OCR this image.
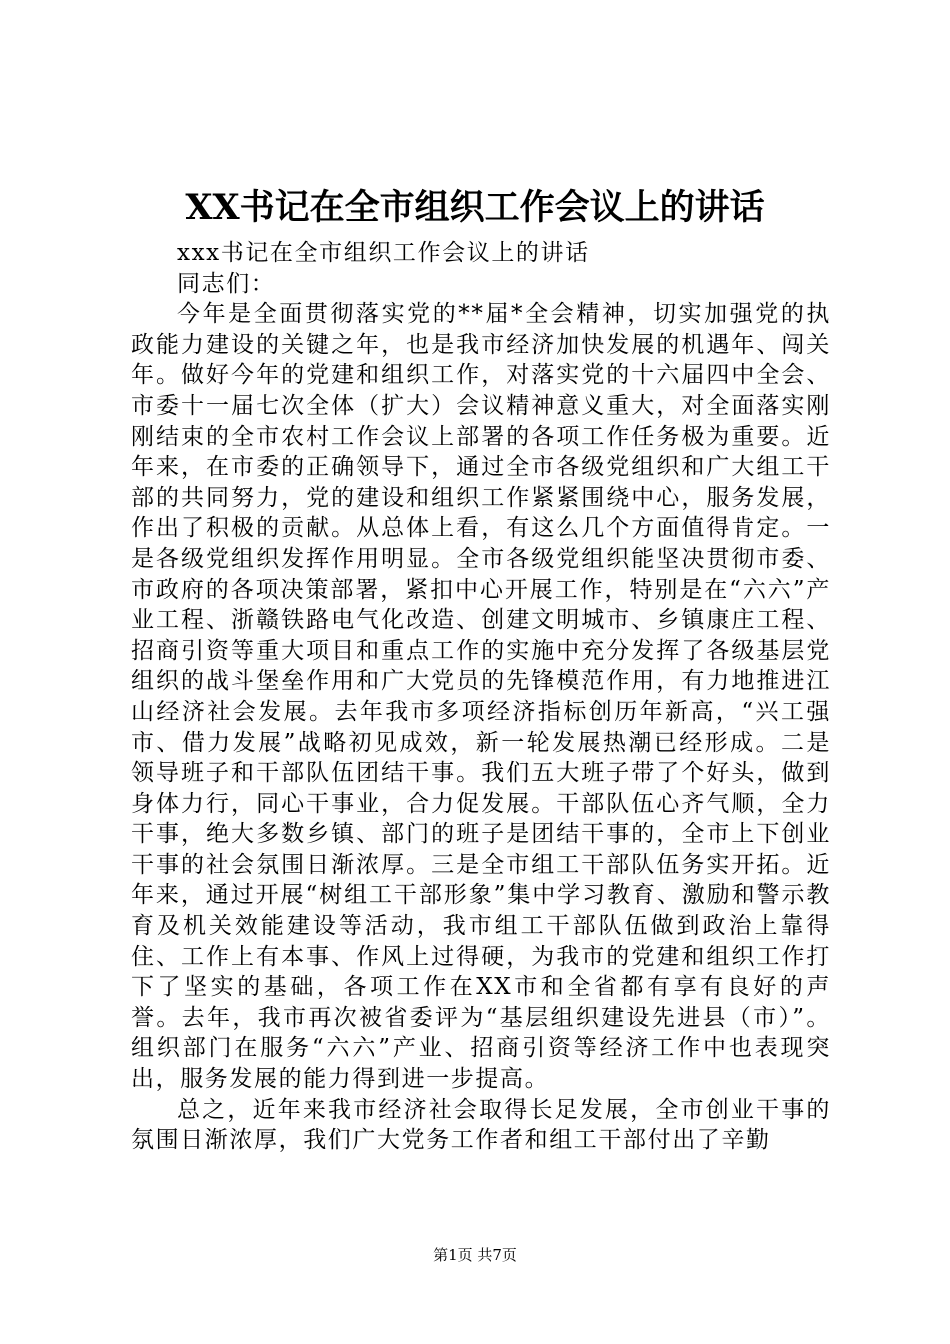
XX书记在全市组织工作会议上的讲话

xxx书记在全市组织工作会议上的讲话

同志们：

今年是全面贯彻落实党的**届*全会精神，切实加强党的执政能力建设的关键之年，也是我市经济加快发展的机遇年、闯关年。做好今年的党建和组织工作，对落实党的十六届四中全会、市委十一届七次全体（扩大）会议精神意义重大，对全面落实刚刚结束的全市农村工作会议上部署的各项工作任务极为重要。近年来，在市委的正确领导下，通过全市各级党组织和广大组工干部的共同努力，党的建设和组织工作紧紧围绕中心，服务发展，作出了积极的贡献。从总体上看，有这么几个方面值得肯定。一是各级党组织发挥作用明显。全市各级党组织能坚决贯彻市委、市政府的各项决策部署，紧扣中心开展工作，特别是在“六六”产业工程、浙赣铁路电气化改造、创建文明城市、乡镇康庄工程、招商引资等重大项目和重点工作的实施中充分发挥了各级基层党组织的战斗堡垒作用和广大党员的先锋模范作用，有力地推进江山经济社会发展。去年我市多项经济指标创历年新高，“兴工强市、借力发展”战略初见成效，新一轮发展热潮已经形成。二是领导班子和干部队伍团结干事。我们五大班子带了个好头，做到身体力行，同心干事业，合力促发展。干部队伍心齐气顺，全力干事，绝大多数乡镇、部门的班子是团结干事的，全市上下创业干事的社会氛围日渐浓厚。三是全市组工干部队伍务实开拓。近年来，通过开展“树组工干部形象”集中学习教育、激励和警示教育及机关效能建设等活动，我市组工干部队伍做到政治上靠得住、工作上有本事、作风上过得硬，为我市的党建和组织工作打下了坚实的基础，各项工作在XX市和全省都有享有良好的声誉。去年，我市再次被省委评为“基层组织建设先进县（市）”。组织部门在服务“六六”产业、招商引资等经济工作中也表现突出，服务发展的能力得到进一步提高。

总之，近年来我市经济社会取得长足发展，全市创业干事的氛围日渐浓厚，我们广大党务工作者和组工干部付出了辛勤

第1页 共7页
